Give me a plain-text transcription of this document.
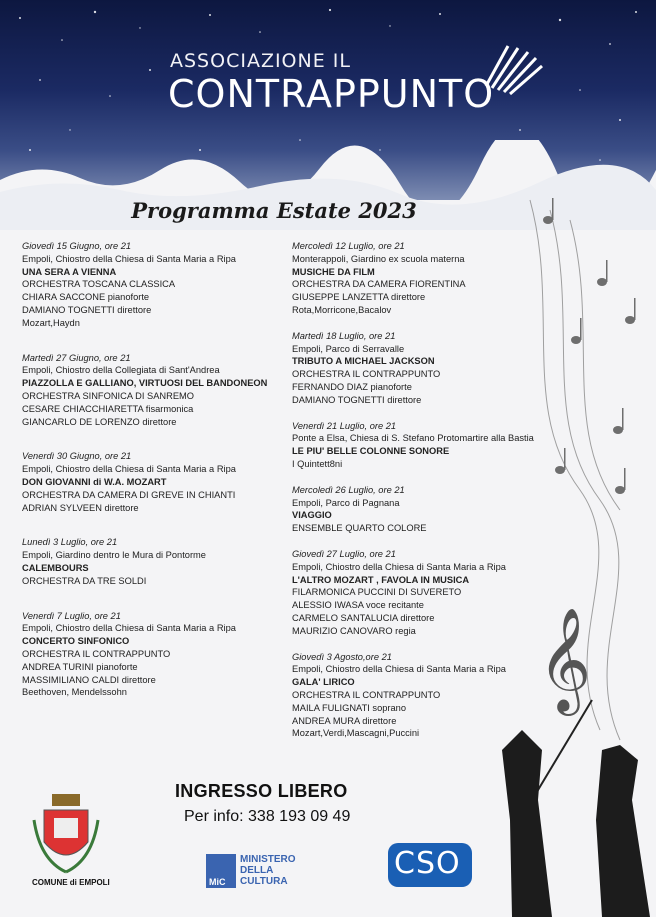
ASSOCIAZIONE IL
CONTRAPPUNTO
Programma Estate 2023
𝄞
Giovedì 15 Giugno, ore 21
Empoli, Chiostro della Chiesa di Santa Maria a Ripa
UNA SERA A VIENNA
ORCHESTRA TOSCANA CLASSICA
CHIARA SACCONE pianoforte
DAMIANO TOGNETTI direttore
Mozart,Haydn
Martedì 27 Giugno, ore 21
Empoli, Chiostro della Collegiata di Sant'Andrea
PIAZZOLLA E GALLIANO, VIRTUOSI DEL BANDONEON
ORCHESTRA SINFONICA DI SANREMO
CESARE CHIACCHIARETTA fisarmonica
GIANCARLO DE LORENZO direttore
Venerdì 30 Giugno, ore 21
Empoli, Chiostro della Chiesa di Santa Maria a Ripa
DON GIOVANNI di W.A. MOZART
ORCHESTRA DA CAMERA DI GREVE IN CHIANTI
ADRIAN SYLVEEN direttore
Lunedì 3 Luglio, ore 21
Empoli, Giardino dentro le Mura di Pontorme
CALEMBOURS
ORCHESTRA DA TRE SOLDI
Venerdì 7 Luglio, ore 21
Empoli, Chiostro della Chiesa di Santa Maria a Ripa
CONCERTO SINFONICO
ORCHESTRA IL CONTRAPPUNTO
ANDREA TURINI pianoforte
MASSIMILIANO CALDI direttore
Beethoven, Mendelssohn
Mercoledì 12 Luglio, ore 21
Monterappoli, Giardino ex scuola materna
MUSICHE DA FILM
ORCHESTRA DA CAMERA FIORENTINA
GIUSEPPE LANZETTA direttore
Rota,Morricone,Bacalov
Martedì 18 Luglio, ore 21
Empoli, Parco di Serravalle
TRIBUTO A MICHAEL JACKSON
ORCHESTRA IL CONTRAPPUNTO
FERNANDO DIAZ pianoforte
DAMIANO TOGNETTI direttore
Venerdì 21 Luglio, ore 21
Ponte a Elsa, Chiesa di S. Stefano Protomartire alla Bastia
LE PIU' BELLE COLONNE SONORE
I Quintett8ni
Mercoledì 26 Luglio, ore 21
Empoli, Parco di Pagnana
VIAGGIO
ENSEMBLE QUARTO COLORE
Giovedì 27 Luglio, ore 21
Empoli, Chiostro della Chiesa di Santa Maria a Ripa
L'ALTRO MOZART , FAVOLA IN MUSICA
FILARMONICA PUCCINI DI SUVERETO
ALESSIO IWASA voce recitante
CARMELO SANTALUCIA direttore
MAURIZIO CANOVARO regia
Giovedì 3 Agosto,ore 21
Empoli, Chiostro della Chiesa di Santa Maria a Ripa
GALA' LIRICO
ORCHESTRA IL CONTRAPPUNTO
MAILA FULIGNATI soprano
ANDREA MURA direttore
Mozart,Verdi,Mascagni,Puccini
INGRESSO LIBERO
Per info: 338 193 09 49
COMUNE di EMPOLI	MiC
MINISTERO
DELLA
CULTURA
CSO
